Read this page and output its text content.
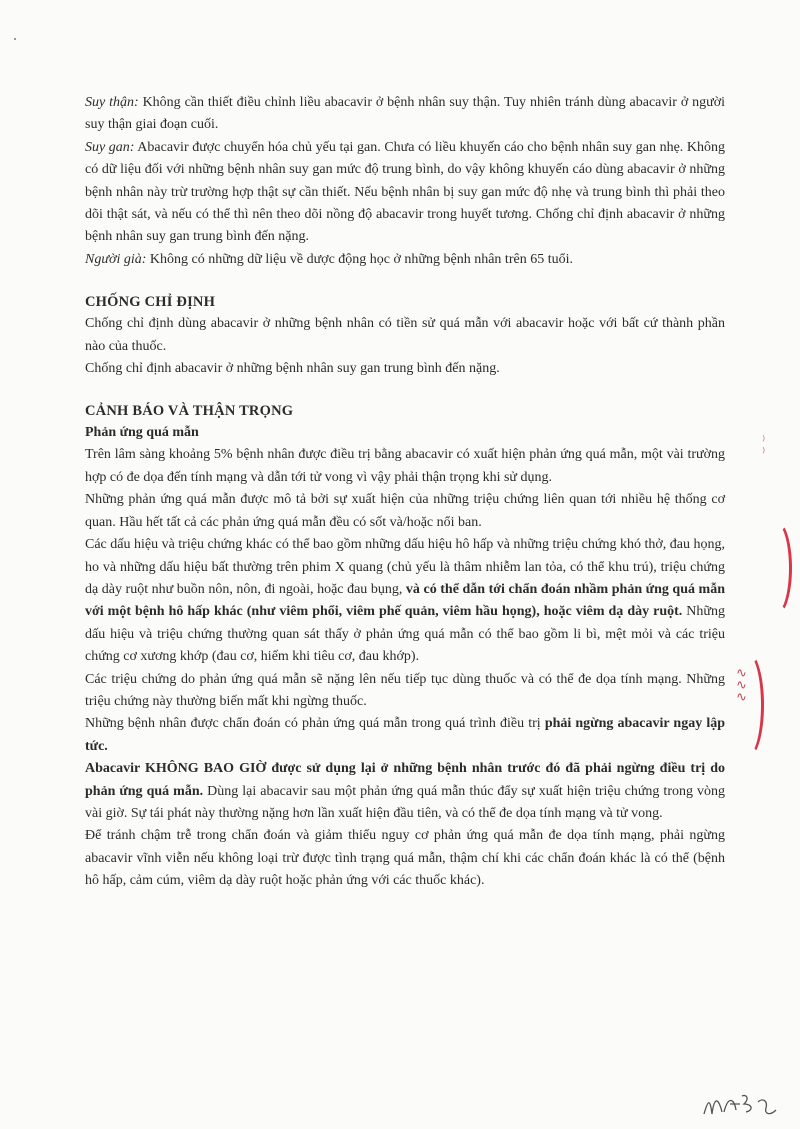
Suy thận: Không cần thiết điều chỉnh liều abacavir ở bệnh nhân suy thận. Tuy nhiên tránh dùng abacavir ở người suy thận giai đoạn cuối.

Suy gan: Abacavir được chuyển hóa chủ yếu tại gan. Chưa có liều khuyến cáo cho bệnh nhân suy gan nhẹ. Không có dữ liệu đối với những bệnh nhân suy gan mức độ trung bình, do vậy không khuyến cáo dùng abacavir ở những bệnh nhân này trừ trường hợp thật sự cần thiết. Nếu bệnh nhân bị suy gan mức độ nhẹ và trung bình thì phải theo dõi thật sát, và nếu có thể thì nên theo dõi nồng độ abacavir trong huyết tương. Chống chỉ định abacavir ở những bệnh nhân suy gan trung bình đến nặng.

Người già: Không có những dữ liệu về dược động học ở những bệnh nhân trên 65 tuổi.

CHỐNG CHỈ ĐỊNH

Chống chỉ định dùng abacavir ở những bệnh nhân có tiền sử quá mẫn với abacavir hoặc với bất cứ thành phần nào của thuốc.

Chống chỉ định abacavir ở những bệnh nhân suy gan trung bình đến nặng.

CẢNH BÁO VÀ THẬN TRỌNG
Phản ứng quá mẫn

Trên lâm sàng khoảng 5% bệnh nhân được điều trị bằng abacavir có xuất hiện phản ứng quá mẫn, một vài trường hợp có đe dọa đến tính mạng và dẫn tới tử vong vì vậy phải thận trọng khi sử dụng.

Những phản ứng quá mẫn được mô tả bởi sự xuất hiện của những triệu chứng liên quan tới nhiều hệ thống cơ quan. Hầu hết tất cả các phản ứng quá mẫn đều có sốt và/hoặc nổi ban.

Các dấu hiệu và triệu chứng khác có thể bao gồm những dấu hiệu hô hấp và những triệu chứng khó thở, đau họng, ho và những dấu hiệu bất thường trên phim X quang (chủ yếu là thâm nhiễm lan tỏa, có thể khu trú), triệu chứng dạ dày ruột như buồn nôn, nôn, đi ngoài, hoặc đau bụng, và có thể dẫn tới chẩn đoán nhầm phản ứng quá mẫn với một bệnh hô hấp khác (như viêm phổi, viêm phế quản, viêm hầu họng), hoặc viêm dạ dày ruột. Những dấu hiệu và triệu chứng thường quan sát thấy ở phản ứng quá mẫn có thể bao gồm li bì, mệt mỏi và các triệu chứng cơ xương khớp (đau cơ, hiếm khi tiêu cơ, đau khớp).

Các triệu chứng do phản ứng quá mẫn sẽ nặng lên nếu tiếp tục dùng thuốc và có thể đe dọa tính mạng. Những triệu chứng này thường biến mất khi ngừng thuốc.

Những bệnh nhân được chẩn đoán có phản ứng quá mẫn trong quá trình điều trị phải ngừng abacavir ngay lập tức.

Abacavir KHÔNG BAO GIỜ được sử dụng lại ở những bệnh nhân trước đó đã phải ngừng điều trị do phản ứng quá mẫn. Dùng lại abacavir sau một phản ứng quá mẫn thúc đẩy sự xuất hiện triệu chứng trong vòng vài giờ. Sự tái phát này thường nặng hơn lần xuất hiện đầu tiên, và có thể đe dọa tính mạng và tử vong.

Để tránh chậm trễ trong chẩn đoán và giảm thiểu nguy cơ phản ứng quá mẫn đe dọa tính mạng, phải ngừng abacavir vĩnh viễn nếu không loại trừ được tình trạng quá mẫn, thậm chí khi các chẩn đoán khác là có thể (bệnh hô hấp, cảm cúm, viêm dạ dày ruột hoặc phản ứng với các thuốc khác).

∿
∿
∿
⁾
⁾
